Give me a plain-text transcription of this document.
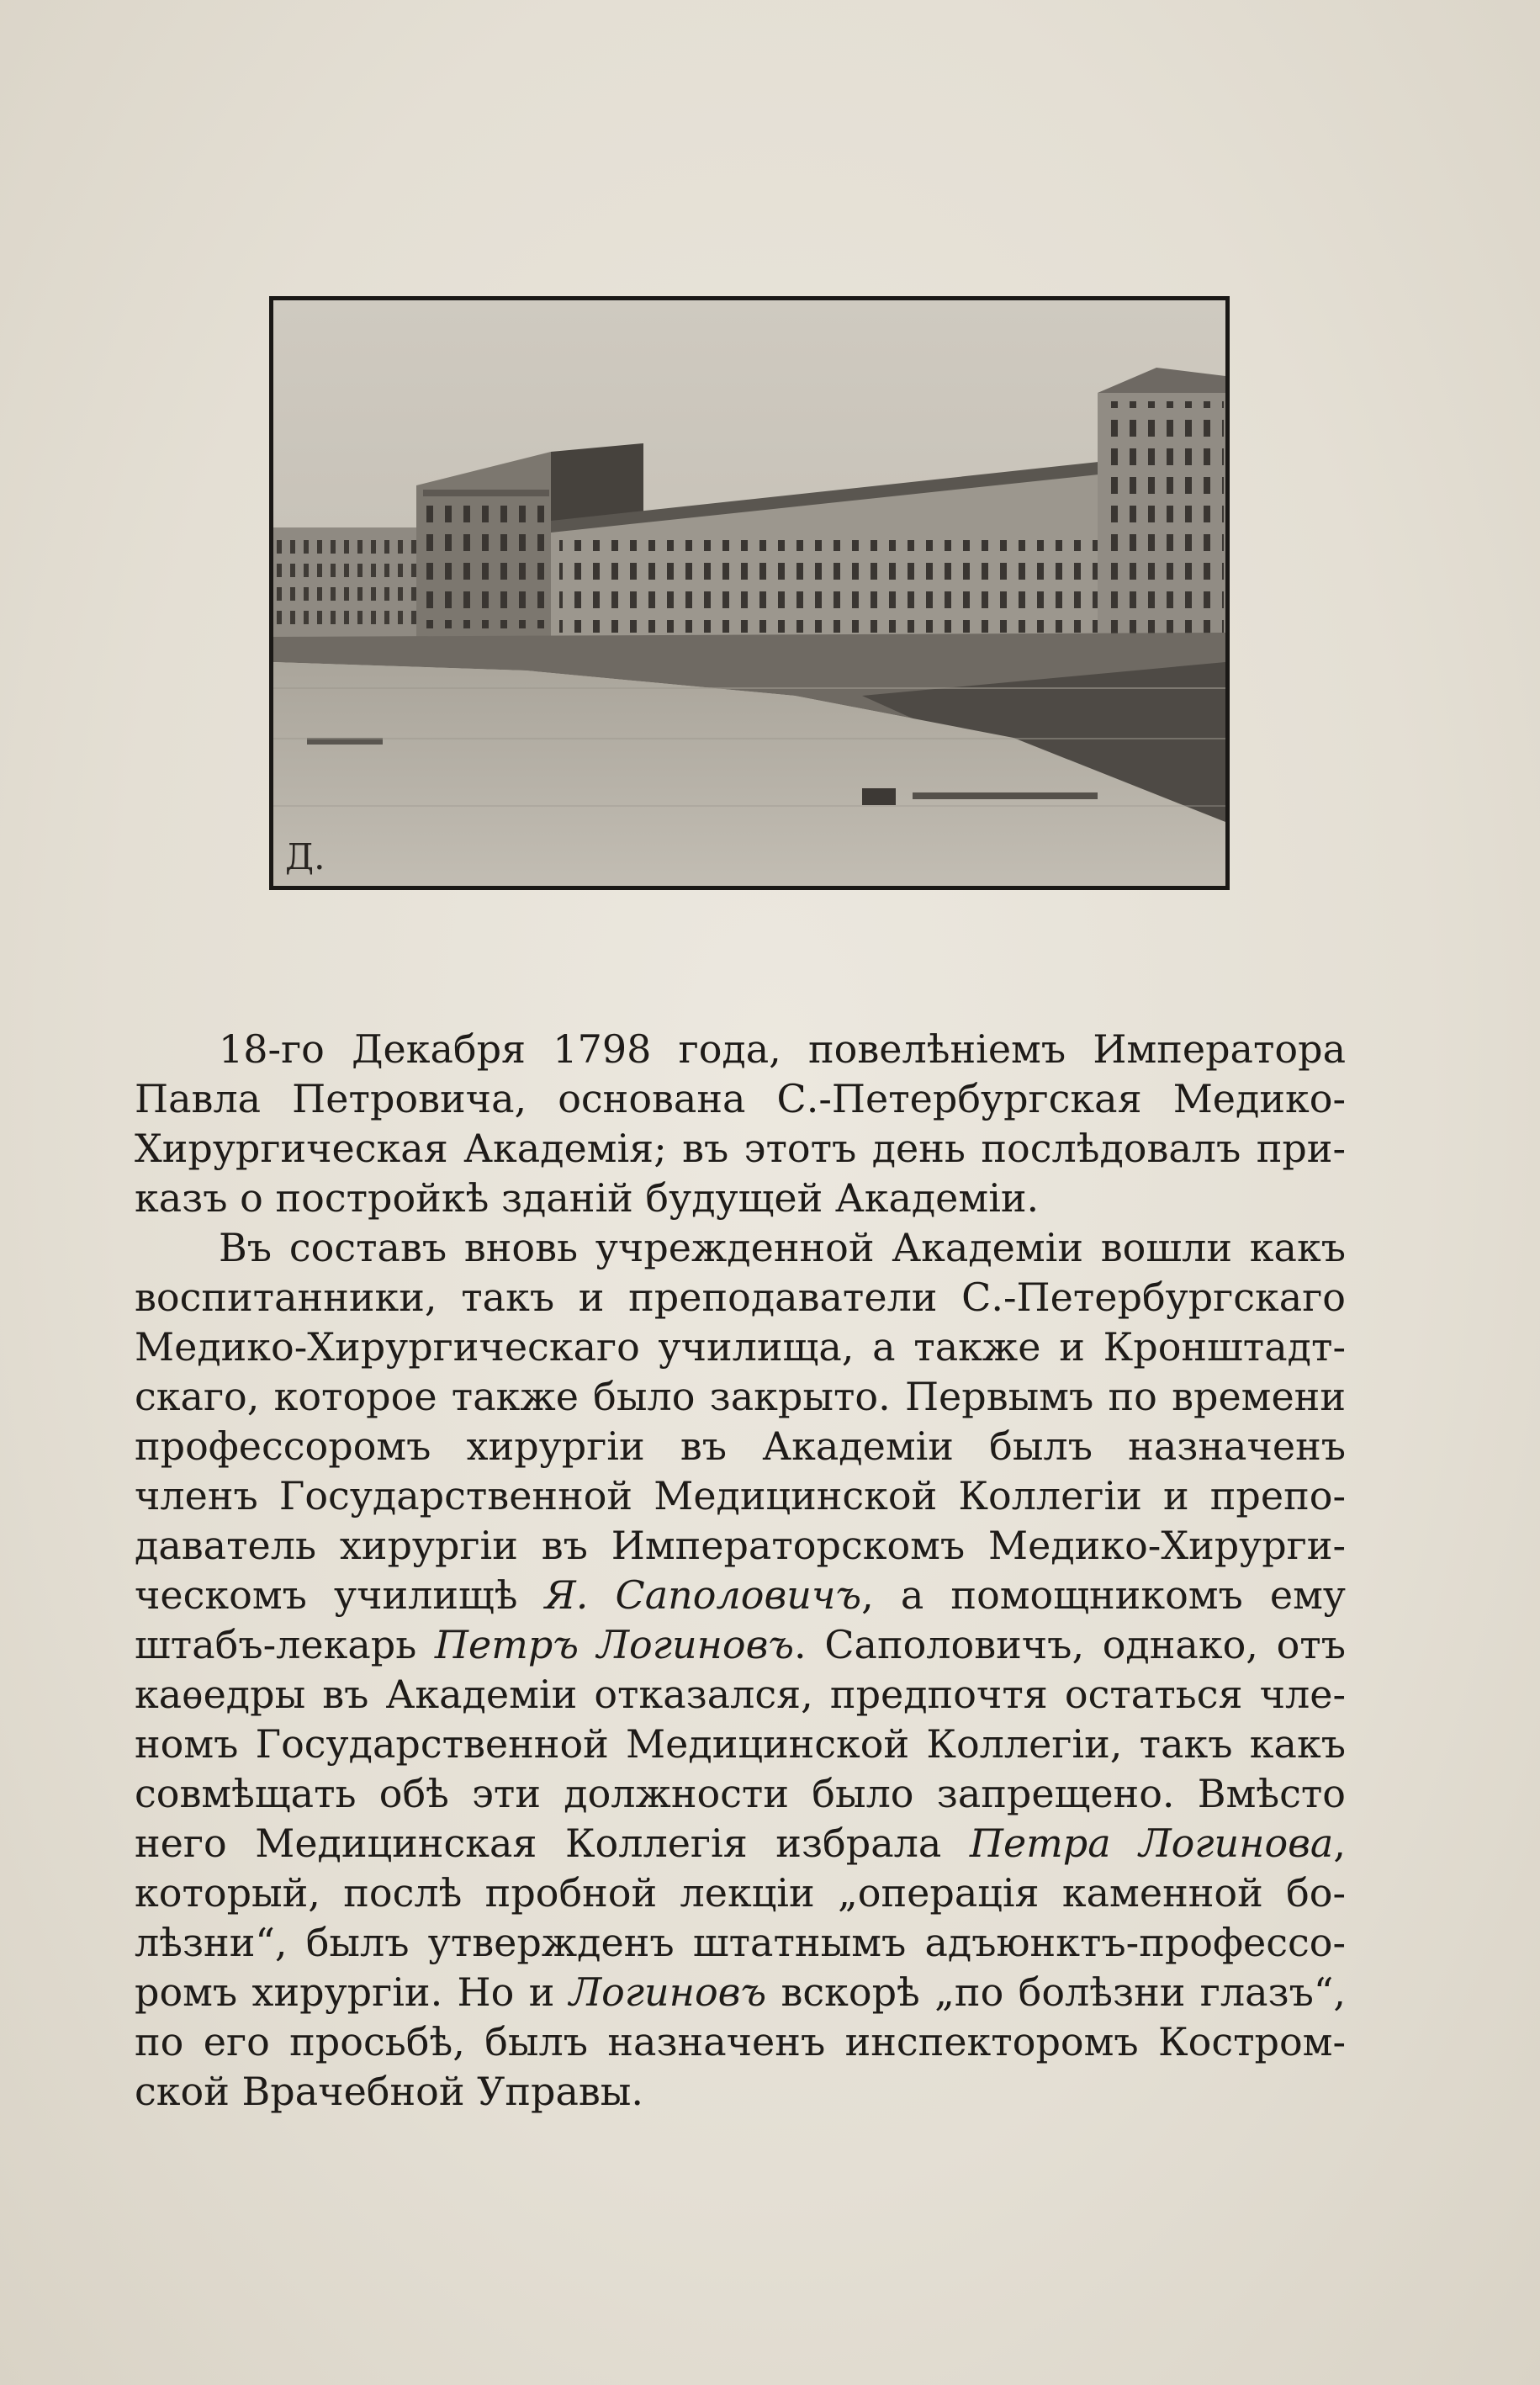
Д.
18-го Декабря 1798 года, повелѣніемъ Императора
Павла Петровича, основана С.-Петербургская Медико-
Хирургическая Академія; въ этотъ день послѣдовалъ при-
казъ о постройкѣ зданій будущей Академіи.
Въ составъ вновь учрежденной Академіи вошли какъ
воспитанники, такъ и преподаватели С.-Петербургскаго
Медико-Хирургическаго училища, а также и Кронштадт-
скаго, которое также было закрыто. Первымъ по времени
профессоромъ хирургіи въ Академіи былъ назначенъ
членъ Государственной Медицинской Коллегіи и препо-
даватель хирургіи въ Императорскомъ Медико-Хирурги-
ческомъ училищѣ Я. Саполовичъ, а помощникомъ ему
штабъ-лекарь Петръ Логиновъ. Саполовичъ, однако, отъ
каѳедры въ Академіи отказался, предпочтя остаться чле-
номъ Государственной Медицинской Коллегіи, такъ какъ
совмѣщать обѣ эти должности было запрещено. Вмѣсто
него Медицинская Коллегія избрала Петра Логинова,
который, послѣ пробной лекціи „операція каменной бо-
лѣзни“, былъ утвержденъ штатнымъ адъюнктъ-профессо-
ромъ хирургіи. Но и Логиновъ вскорѣ „по болѣзни глазъ“,
по его просьбѣ, былъ назначенъ инспекторомъ Костром-
ской Врачебной Управы.
